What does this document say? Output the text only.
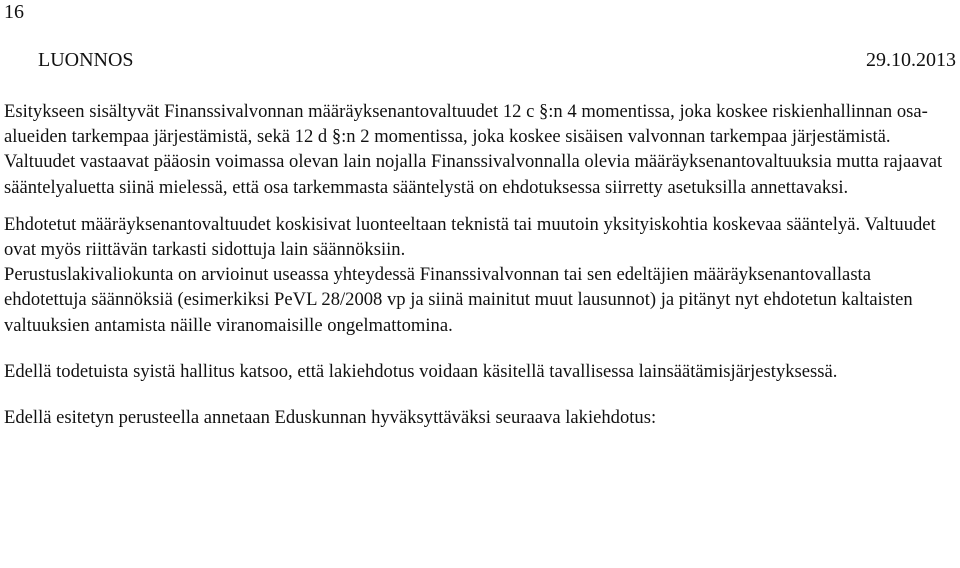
16
LUONNOS	29.10.2013

Esitykseen sisältyvät Finanssivalvonnan määräyksenantovaltuudet 12 c §:n 4 momentissa, joka koskee riskienhallinnan osa-alueiden tarkempaa järjestämistä, sekä 12 d §:n 2 momentissa, joka koskee sisäisen valvonnan tarkempaa järjestämistä. Valtuudet vastaavat pääosin voimassa olevan lain nojalla Finanssivalvonnalla olevia määräyksenantovaltuuksia mutta rajaavat sääntelyaluetta siinä mielessä, että osa tarkemmasta sääntelystä on ehdotuksessa siirretty asetuksilla annettavaksi.

Ehdotetut määräyksenantovaltuudet koskisivat luonteeltaan teknistä tai muutoin yksityiskohtia koskevaa sääntelyä. Valtuudet ovat myös riittävän tarkasti sidottuja lain säännöksiin.

Perustuslakivaliokunta on arvioinut useassa yhteydessä Finanssivalvonnan tai sen edeltäjien määräyksenantovallasta ehdotettuja säännöksiä (esimerkiksi PeVL 28/2008 vp ja siinä mainitut muut lausunnot) ja pitänyt nyt ehdotetun kaltaisten valtuuksien antamista näille viranomaisille ongelmattomina.

Edellä todetuista syistä hallitus katsoo, että lakiehdotus voidaan käsitellä tavallisessa lainsäätämisjärjestyksessä.

Edellä esitetyn perusteella annetaan Eduskunnan hyväksyttäväksi seuraava lakiehdotus:
